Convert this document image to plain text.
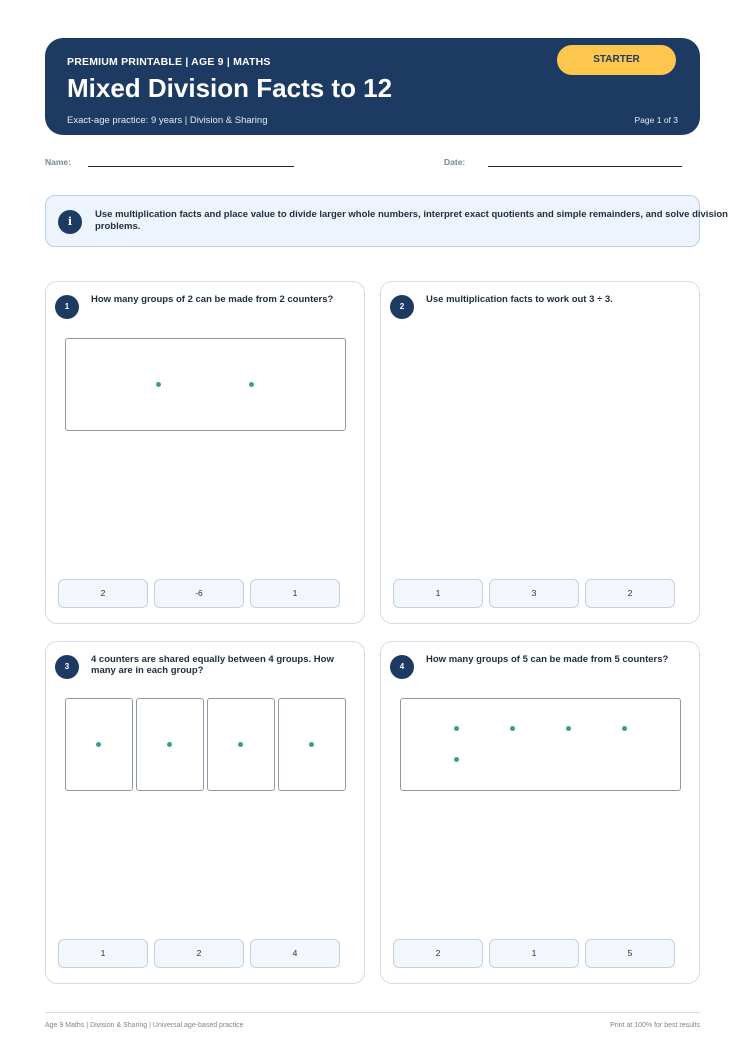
PREMIUM PRINTABLE | AGE 9 | MATHS
Mixed Division Facts to 12
Exact-age practice: 9 years | Division & Sharing	Page 1 of 3
STARTER
Name:	Date:
i
Use multiplication facts and place value to divide larger whole numbers, interpret exact quotients and simple remainders, and solve division problems.
1
How many groups of 2 can be made from 2 counters?
2	-6	1
2
Use multiplication facts to work out 3 ÷ 3.
1	3	2
3
4 counters are shared equally between 4 groups. How many are in each group?
1	2	4
4
How many groups of 5 can be made from 5 counters?
2	1	5
Age 9 Maths | Division & Sharing | Universal age-based practice	Print at 100% for best results
